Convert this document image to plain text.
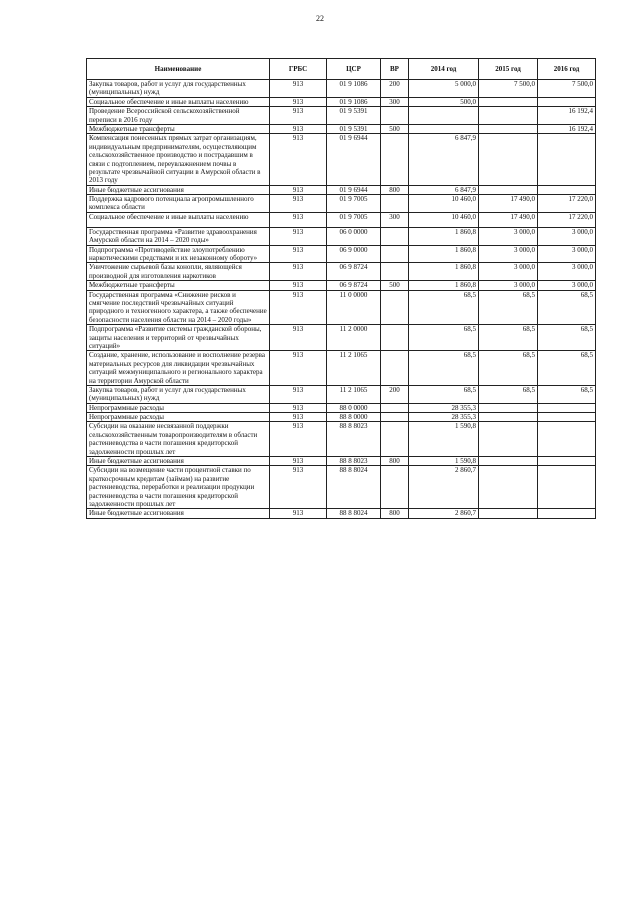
22
Наименование	ГРБС	ЦСР	ВР	2014 год	2015 год	2016 год
Закупка товаров, работ и услуг для государственных (муниципальных) нужд	913	01 9 1086	200	5 000,0	7 500,0	7 500,0
Социальное обеспечение и иные выплаты населению	913	01 9 1086	300	500,0		
Проведение Всероссийской сельскохозяйственной переписи в 2016 году	913	01 9 5391				16 192,4
Межбюджетные трансферты	913	01 9 5391	500			16 192,4
Компенсация понесенных прямых затрат организациям, индивидуальным предпринимателям, осуществляющим сельскохозяйственное производство и пострадавшим в связи с подтоплением, переувлажнением почвы в результате чрезвычайной ситуации в Амурской области в 2013 году	913	01 9 6944		6 847,9		
Иные бюджетные ассигнования	913	01 9 6944	800	6 847,9		
Поддержка кадрового потенциала агропромышленного комплекса области	913	01 9 7005		10 460,0	17 490,0	17 220,0
Социальное обеспечение и иные выплаты населению	913	01 9 7005	300	10 460,0	17 490,0	17 220,0
Государственная программа «Развитие здравоохранения Амурской области на 2014 – 2020 годы»	913	06 0 0000		1 860,8	3 000,0	3 000,0
Подпрограмма «Противодействие злоупотреблению наркотическими средствами и их незаконному обороту»	913	06 9 0000		1 860,8	3 000,0	3 000,0
Уничтожение сырьевой базы конопли, являющейся производной для изготовления наркотиков	913	06 9 8724		1 860,8	3 000,0	3 000,0
Межбюджетные трансферты	913	06 9 8724	500	1 860,8	3 000,0	3 000,0
Государственная программа «Снижение рисков и смягчение последствий чрезвычайных ситуаций природного и техногенного характера, а также обеспечение безопасности населения области на 2014 – 2020 годы»	913	11 0 0000		68,5	68,5	68,5
Подпрограмма «Развитие системы гражданской обороны, защиты населения и территорий от чрезвычайных ситуаций»	913	11 2 0000		68,5	68,5	68,5
Создание, хранение, использование и восполнение резерва материальных ресурсов для ликвидации чрезвычайных ситуаций межмуниципального и регионального характера на территории Амурской области	913	11 2 1065		68,5	68,5	68,5
Закупка товаров, работ и услуг для государственных (муниципальных) нужд	913	11 2 1065	200	68,5	68,5	68,5
Непрограммные расходы	913	88 0 0000		28 355,3		
Непрограммные расходы	913	88 8 0000		28 355,3		
Субсидии на оказание несвязанной поддержки сельскохозяйственным товаропроизводителям в области растениеводства в части погашения кредиторской задолженности прошлых лет	913	88 8 8023		1 590,8		
Иные бюджетные ассигнования	913	88 8 8023	800	1 590,8		
Субсидии на возмещение части процентной ставки по краткосрочным кредитам (займам) на развитие растениеводства, переработки и реализации продукции растениеводства в части погашения кредиторской задолженности прошлых лет	913	88 8 8024		2 860,7		
Иные бюджетные ассигнования	913	88 8 8024	800	2 860,7		
